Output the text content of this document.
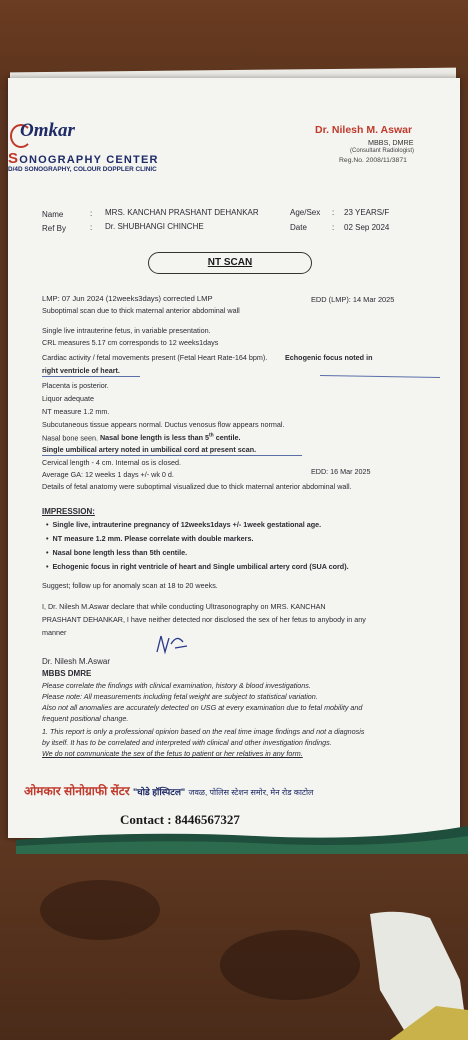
Omkar
SONOGRAPHY CENTER
D/4D SONOGRAPHY, COLOUR DOPPLER CLINIC
Dr. Nilesh M. Aswar
MBBS, DMRE
(Consultant Radiologist)
Reg.No. 2008/11/3871
Name	: MRS. KANCHAN PRASHANT DEHANKAR
Ref By	: Dr. SHUBHANGI CHINCHE
Age/Sex : 23 YEARS/F
Date	: 02 Sep 2024
NT SCAN
LMP: 07 Jun 2024 (12weeks3days) corrected LMP	EDD (LMP): 14 Mar 2025
Suboptimal scan due to thick maternal anterior abdominal wall
Single live intrauterine fetus, in variable presentation.
CRL measures 5.17 cm corresponds to 12 weeks1days
Cardiac activity / fetal movements present (Fetal Heart Rate-164 bpm). Echogenic focus noted in
right ventricle of heart.
Placenta is posterior.
Liquor adequate
NT measure 1.2 mm.
Subcutaneous tissue appears normal. Ductus venosus flow appears normal.
Nasal bone seen. Nasal bone length is less than 5th centile.
Single umbilical artery noted in umbilical cord at present scan.
Cervical length - 4 cm. Internal os is closed.
Average GA: 12 weeks 1 days +/- wk 0 d.	EDD: 16 Mar 2025
Details of fetal anatomy were suboptimal visualized due to thick maternal anterior abdominal wall.
IMPRESSION:
•  Single live, intrauterine pregnancy of 12weeks1days +/- 1week gestational age.
•  NT measure 1.2 mm. Please correlate with double markers.
•  Nasal bone length less than 5th centile.
•  Echogenic focus in right ventricle of heart and Single umbilical artery cord (SUA cord).
Suggest; follow up for anomaly scan at 18 to 20 weeks.
I, Dr. Nilesh M.Aswar declare that while conducting Ultrasonography on MRS. KANCHAN
PRASHANT DEHANKAR, I have neither detected nor disclosed the sex of her fetus to anybody in any
manner
Dr. Nilesh M.Aswar
MBBS DMRE
Please correlate the findings with clinical examination, history & blood investigations.
Please note: All measurements including fetal weight are subject to statistical variation.
Also not all anomalies are accurately detected on USG at every examination due to fetal mobility and
frequent positional change.
1. This report is only a professional opinion based on the real time image findings and not a diagnosis
by itself. It has to be correlated and interpreted with clinical and other investigation findings.
We do not communicate the sex of the fetus to patient or her relatives in any form.
ओमकार सोनोग्राफी सेंटर "घोडे हॉस्पिटल" जवळ, पोलिस स्टेशन समोर, मेन रोड काटोल
Contact : 8446567327
